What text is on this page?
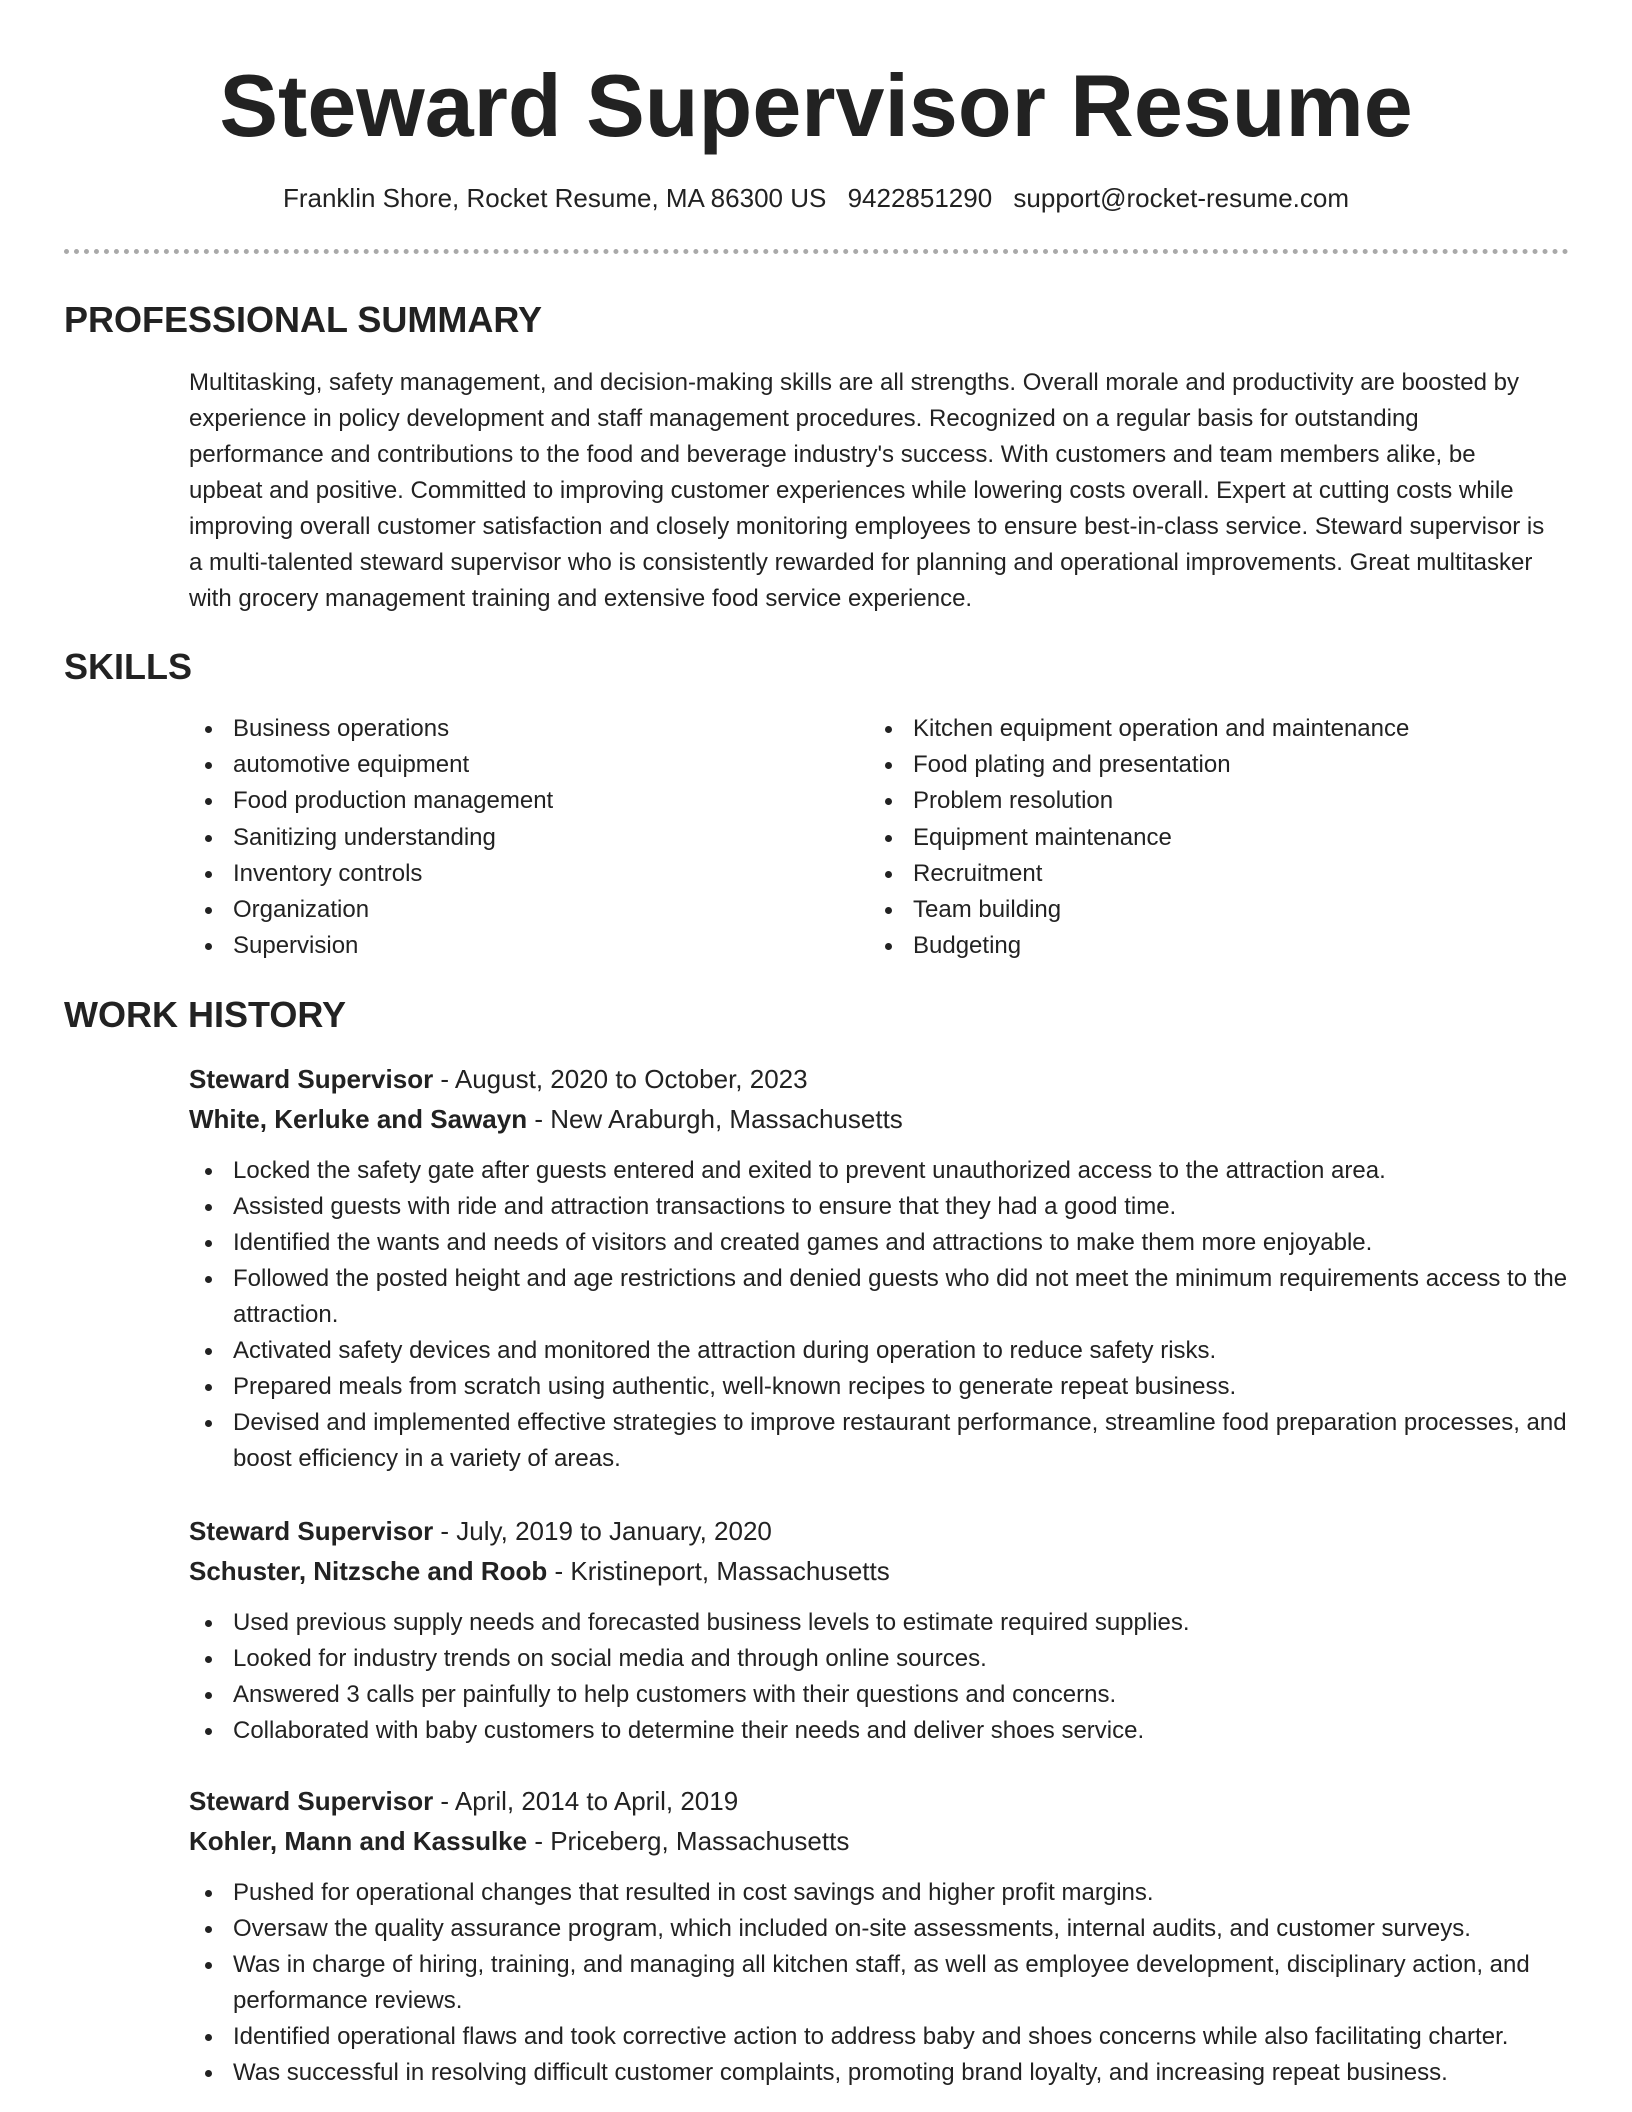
Steward Supervisor Resume
Franklin Shore, Rocket Resume, MA 86300 US 9422851290 support@rocket-resume.com
PROFESSIONAL SUMMARY

Multitasking, safety management, and decision-making skills are all strengths. Overall morale and productivity are boosted by experience in policy development and staff management procedures. Recognized on a regular basis for outstanding performance and contributions to the food and beverage industry's success. With customers and team members alike, be upbeat and positive. Committed to improving customer experiences while lowering costs overall. Expert at cutting costs while improving overall customer satisfaction and closely monitoring employees to ensure best-in-class service. Steward supervisor is a multi-talented steward supervisor who is consistently rewarded for planning and operational improvements. Great multitasker with grocery management training and extensive food service experience.

SKILLS
Business operations
automotive equipment
Food production management
Sanitizing understanding
Inventory controls
Organization
Supervision
Kitchen equipment operation and maintenance
Food plating and presentation
Problem resolution
Equipment maintenance
Recruitment
Team building
Budgeting
WORK HISTORY
Steward Supervisor - August, 2020 to October, 2023
White, Kerluke and Sawayn - New Araburgh, Massachusetts
Locked the safety gate after guests entered and exited to prevent unauthorized access to the attraction area.
Assisted guests with ride and attraction transactions to ensure that they had a good time.
Identified the wants and needs of visitors and created games and attractions to make them more enjoyable.
Followed the posted height and age restrictions and denied guests who did not meet the minimum requirements access to the attraction.
Activated safety devices and monitored the attraction during operation to reduce safety risks.
Prepared meals from scratch using authentic, well-known recipes to generate repeat business.
Devised and implemented effective strategies to improve restaurant performance, streamline food preparation processes, and boost efficiency in a variety of areas.
Steward Supervisor - July, 2019 to January, 2020
Schuster, Nitzsche and Roob - Kristineport, Massachusetts
Used previous supply needs and forecasted business levels to estimate required supplies.
Looked for industry trends on social media and through online sources.
Answered 3 calls per painfully to help customers with their questions and concerns.
Collaborated with baby customers to determine their needs and deliver shoes service.
Steward Supervisor - April, 2014 to April, 2019
Kohler, Mann and Kassulke - Priceberg, Massachusetts
Pushed for operational changes that resulted in cost savings and higher profit margins.
Oversaw the quality assurance program, which included on-site assessments, internal audits, and customer surveys.
Was in charge of hiring, training, and managing all kitchen staff, as well as employee development, disciplinary action, and performance reviews.
Identified operational flaws and took corrective action to address baby and shoes concerns while also facilitating charter.
Was successful in resolving difficult customer complaints, promoting brand loyalty, and increasing repeat business.
